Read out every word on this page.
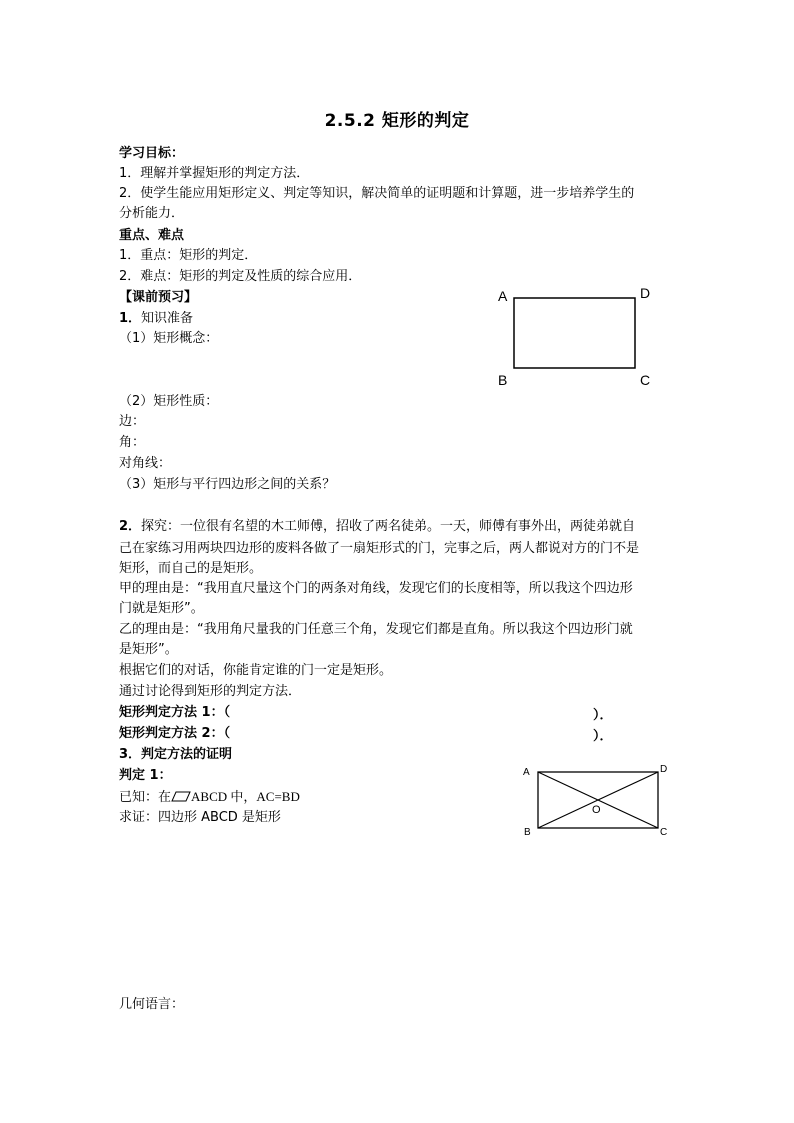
2.5.2 矩形的判定
学习目标：
1．理解并掌握矩形的判定方法．
2．使学生能应用矩形定义、判定等知识，解决简单的证明题和计算题，进一步培养学生的
分析能力．
重点、难点
1．重点：矩形的判定．
2．难点：矩形的判定及性质的综合应用．
【课前预习】
1．知识准备
（1）矩形概念：
（2）矩形性质：
边：
角：
对角线：
（3）矩形与平行四边形之间的关系？
A	D
B	C
2．探究：一位很有名望的木工师傅，招收了两名徒弟。一天，师傅有事外出，两徒弟就自
己在家练习用两块四边形的废料各做了一扇矩形式的门，完事之后，两人都说对方的门不是
矩形，而自己的是矩形。
甲的理由是：“我用直尺量这个门的两条对角线，发现它们的长度相等，所以我这个四边形
门就是矩形”。
乙的理由是：“我用角尺量我的门任意三个角，发现它们都是直角。所以我这个四边形门就
是矩形”。
根据它们的对话，你能肯定谁的门一定是矩形。
通过讨论得到矩形的判定方法．
矩形判定方法 1：（	）．
矩形判定方法 2：（	）．
3．判定方法的证明
判定 1：
已知：在 ABCD 中，AC=BD
求证：四边形 ABCD 是矩形
A	D
B	C
O
几何语言：
